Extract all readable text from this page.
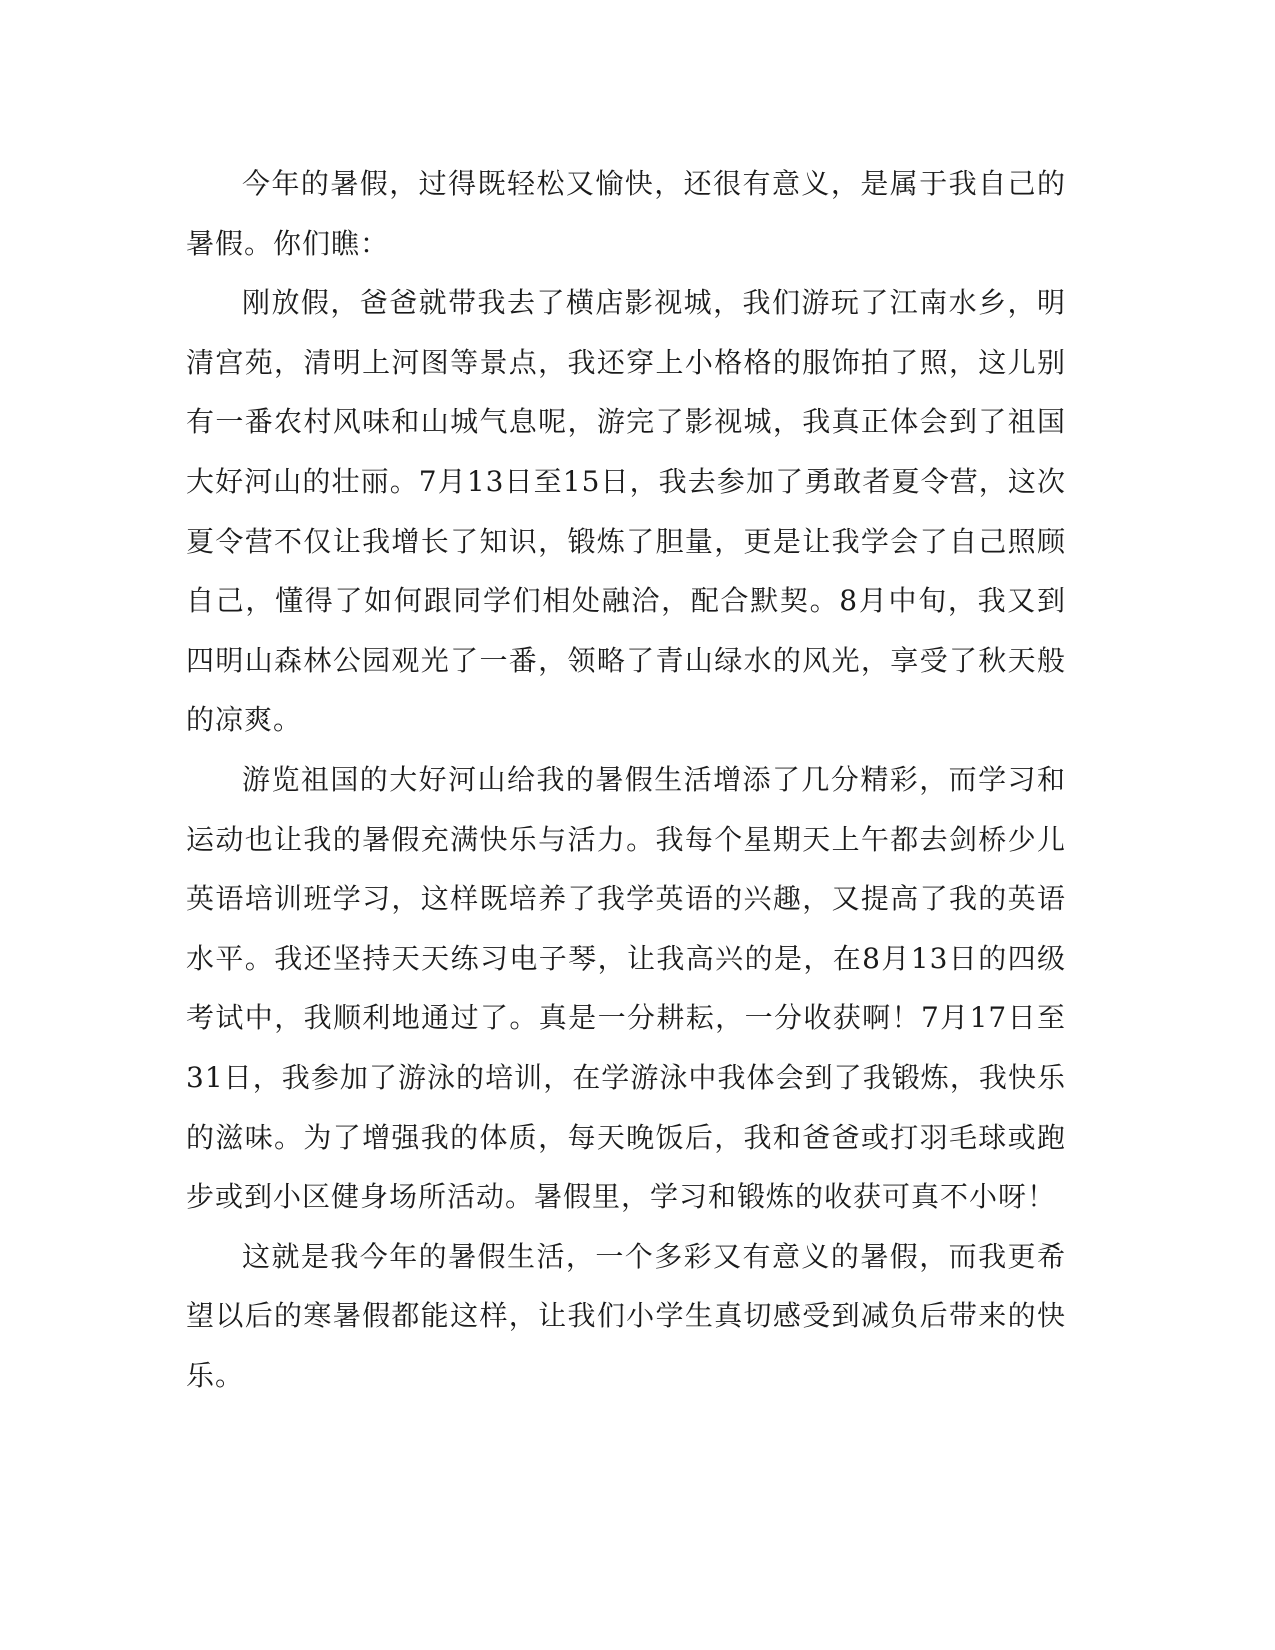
今年的暑假，过得既轻松又愉快，还很有意义，是属于我自己的暑假。你们瞧：

刚放假，爸爸就带我去了横店影视城，我们游玩了江南水乡，明清宫苑，清明上河图等景点，我还穿上小格格的服饰拍了照，这儿别有一番农村风味和山城气息呢，游完了影视城，我真正体会到了祖国大好河山的壮丽。7月13日至15日，我去参加了勇敢者夏令营，这次夏令营不仅让我增长了知识，锻炼了胆量，更是让我学会了自己照顾自己，懂得了如何跟同学们相处融洽，配合默契。8月中旬，我又到四明山森林公园观光了一番，领略了青山绿水的风光，享受了秋天般的凉爽。

游览祖国的大好河山给我的暑假生活增添了几分精彩，而学习和运动也让我的暑假充满快乐与活力。我每个星期天上午都去剑桥少儿英语培训班学习，这样既培养了我学英语的兴趣，又提高了我的英语水平。我还坚持天天练习电子琴，让我高兴的是，在8月13日的四级考试中，我顺利地通过了。真是一分耕耘，一分收获啊！7月17日至31日，我参加了游泳的培训，在学游泳中我体会到了我锻炼，我快乐的滋味。为了增强我的体质，每天晚饭后，我和爸爸或打羽毛球或跑步或到小区健身场所活动。暑假里，学习和锻炼的收获可真不小呀！

这就是我今年的暑假生活，一个多彩又有意义的暑假，而我更希望以后的寒暑假都能这样，让我们小学生真切感受到减负后带来的快乐。
